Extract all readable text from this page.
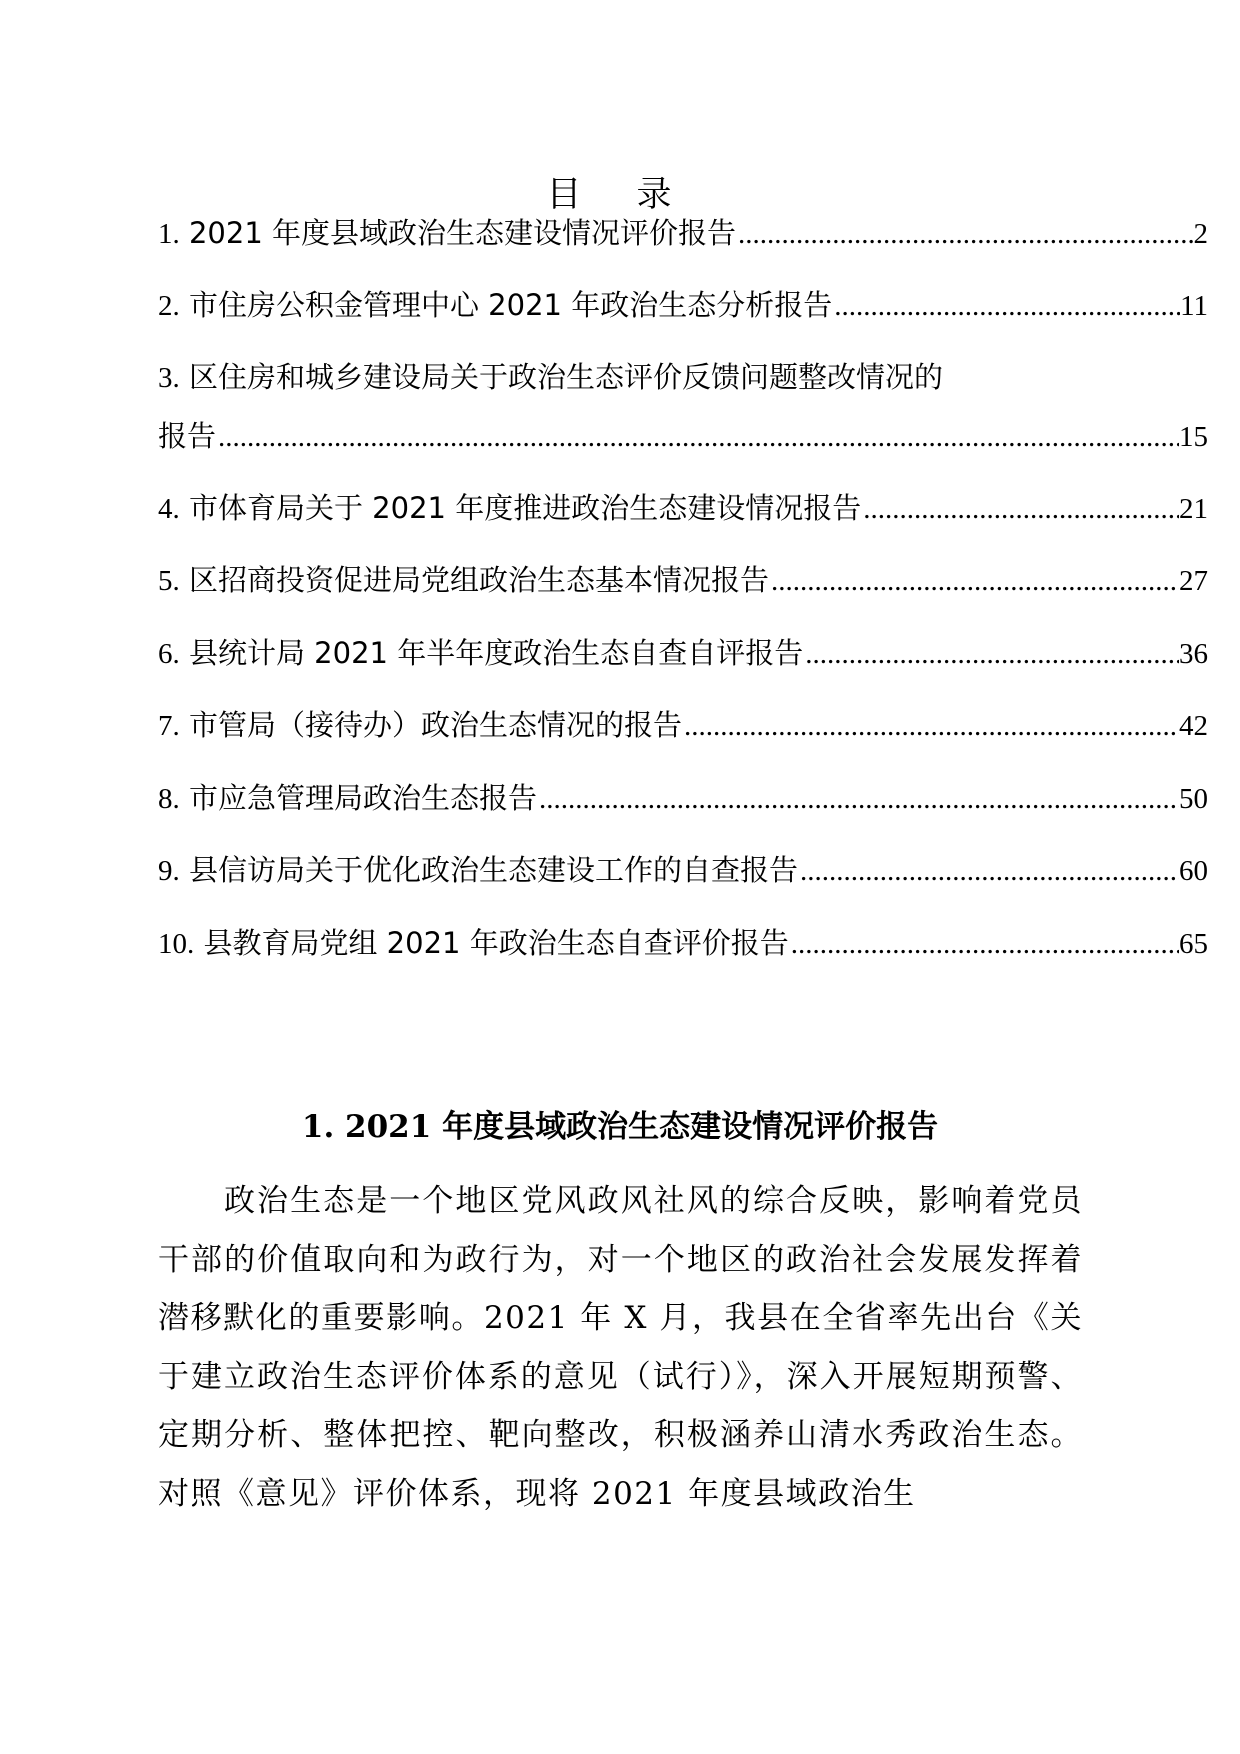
目 录
1. 2021 年度县域政治生态建设情况评价报告 .....	2
2. 市住房公积金管理中心 2021 年政治生态分析报告 .....	11
3. 区住房和城乡建设局关于政治生态评价反馈问题整改情况的
报告 .....	15
4. 市体育局关于 2021 年度推进政治生态建设情况报告 .....	21
5. 区招商投资促进局党组政治生态基本情况报告 .....	27
6. 县统计局 2021 年半年度政治生态自查自评报告 .....	36
7. 市管局（接待办）政治生态情况的报告 .....	42
8. 市应急管理局政治生态报告 .....	50
9. 县信访局关于优化政治生态建设工作的自查报告 .....	60
10. 县教育局党组 2021 年政治生态自查评价报告 .....	65
1. 2021 年度县域政治生态建设情况评价报告

政治生态是一个地区党风政风社风的综合反映，影响着党员干部的价值取向和为政行为，对一个地区的政治社会发展发挥着潜移默化的重要影响。2021 年 X 月，我县在全省率先出台《关于建立政治生态评价体系的意见（试行）》，深入开展短期预警、定期分析、整体把控、靶向整改，积极涵养山清水秀政治生态。对照《意见》评价体系，现将 2021 年度县域政治生
